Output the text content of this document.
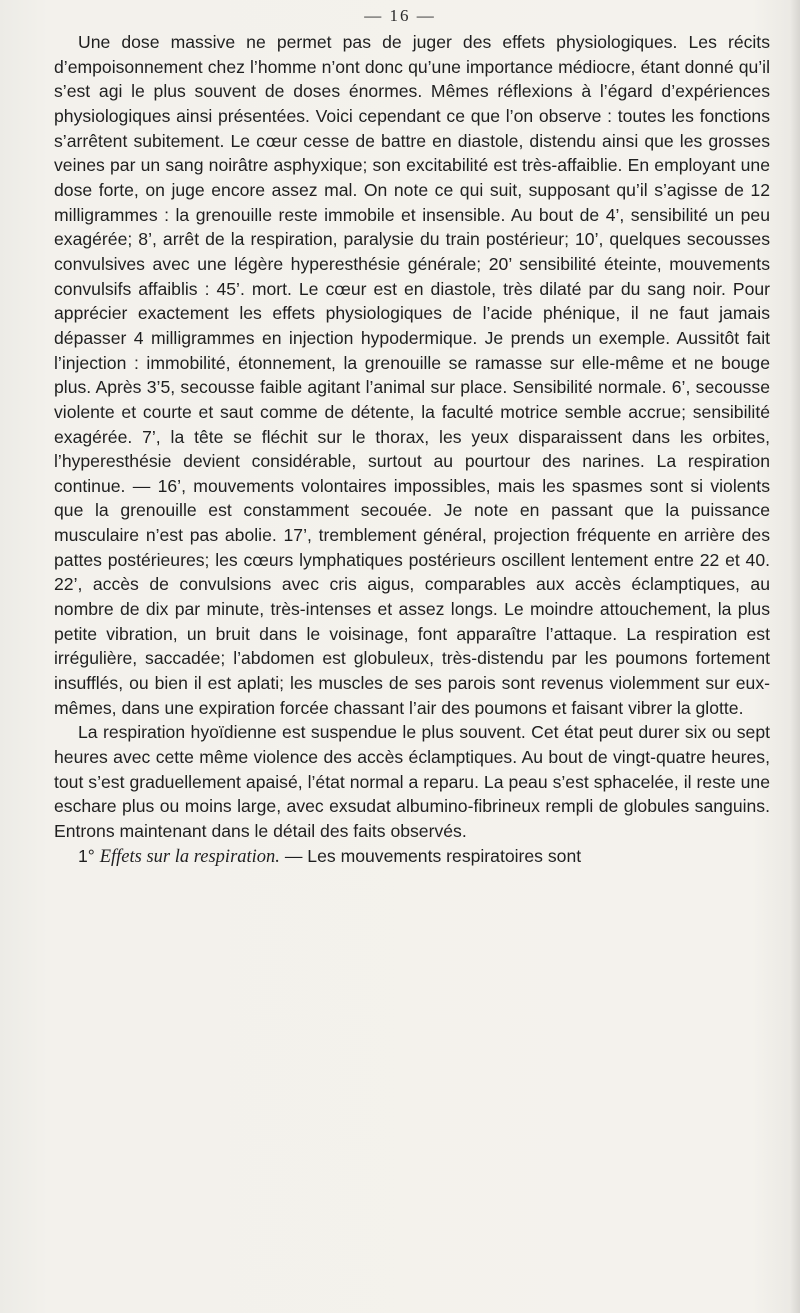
— 16 —

Une dose massive ne permet pas de juger des effets physiologiques. Les récits d’empoisonnement chez l’homme n’ont donc qu’une importance médiocre, étant donné qu’il s’est agi le plus souvent de doses énormes. Mêmes réflexions à l’égard d’expériences physiologiques ainsi présentées. Voici cependant ce que l’on observe : toutes les fonctions s’arrêtent subitement. Le cœur cesse de battre en diastole, distendu ainsi que les grosses veines par un sang noirâtre asphyxique; son excitabilité est très-affaiblie. En employant une dose forte, on juge encore assez mal. On note ce qui suit, supposant qu’il s’agisse de 12 milligrammes : la grenouille reste immobile et insensible. Au bout de 4’, sensibilité un peu exagérée; 8’, arrêt de la respiration, paralysie du train postérieur; 10’, quelques secousses convulsives avec une légère hyperesthésie générale; 20’ sensibilité éteinte, mouvements convulsifs affaiblis : 45’. mort. Le cœur est en diastole, très dilaté par du sang noir. Pour apprécier exactement les effets physiologiques de l’acide phénique, il ne faut jamais dépasser 4 milligrammes en injection hypodermique. Je prends un exemple. Aussitôt fait l’injection : immobilité, étonnement, la grenouille se ramasse sur elle-même et ne bouge plus. Après 3’5, secousse faible agitant l’animal sur place. Sensibilité normale. 6’, secousse violente et courte et saut comme de détente, la faculté motrice semble accrue; sensibilité exagérée. 7’, la tête se fléchit sur le thorax, les yeux disparaissent dans les orbites, l’hyperesthésie devient considérable, surtout au pourtour des narines. La respiration continue. — 16’, mouvements volontaires impossibles, mais les spasmes sont si violents que la grenouille est constamment secouée. Je note en passant que la puissance musculaire n’est pas abolie. 17’, tremblement général, projection fréquente en arrière des pattes postérieures; les cœurs lymphatiques postérieurs oscillent lentement entre 22 et 40. 22’, accès de convulsions avec cris aigus, comparables aux accès éclamptiques, au nombre de dix par minute, très-intenses et assez longs. Le moindre attouchement, la plus petite vibration, un bruit dans le voisinage, font apparaître l’attaque. La respiration est irrégulière, saccadée; l’abdomen est globuleux, très-distendu par les poumons fortement insufflés, ou bien il est aplati; les muscles de ses parois sont revenus violemment sur eux-mêmes, dans une expiration forcée chassant l’air des poumons et faisant vibrer la glotte.

La respiration hyoïdienne est suspendue le plus souvent. Cet état peut durer six ou sept heures avec cette même violence des accès éclamptiques. Au bout de vingt-quatre heures, tout s’est graduellement apaisé, l’état normal a reparu. La peau s’est sphacelée, il reste une eschare plus ou moins large, avec exsudat albumino-fibrineux rempli de globules sanguins. Entrons maintenant dans le détail des faits observés.

1° Effets sur la respiration. — Les mouvements respiratoires sont
